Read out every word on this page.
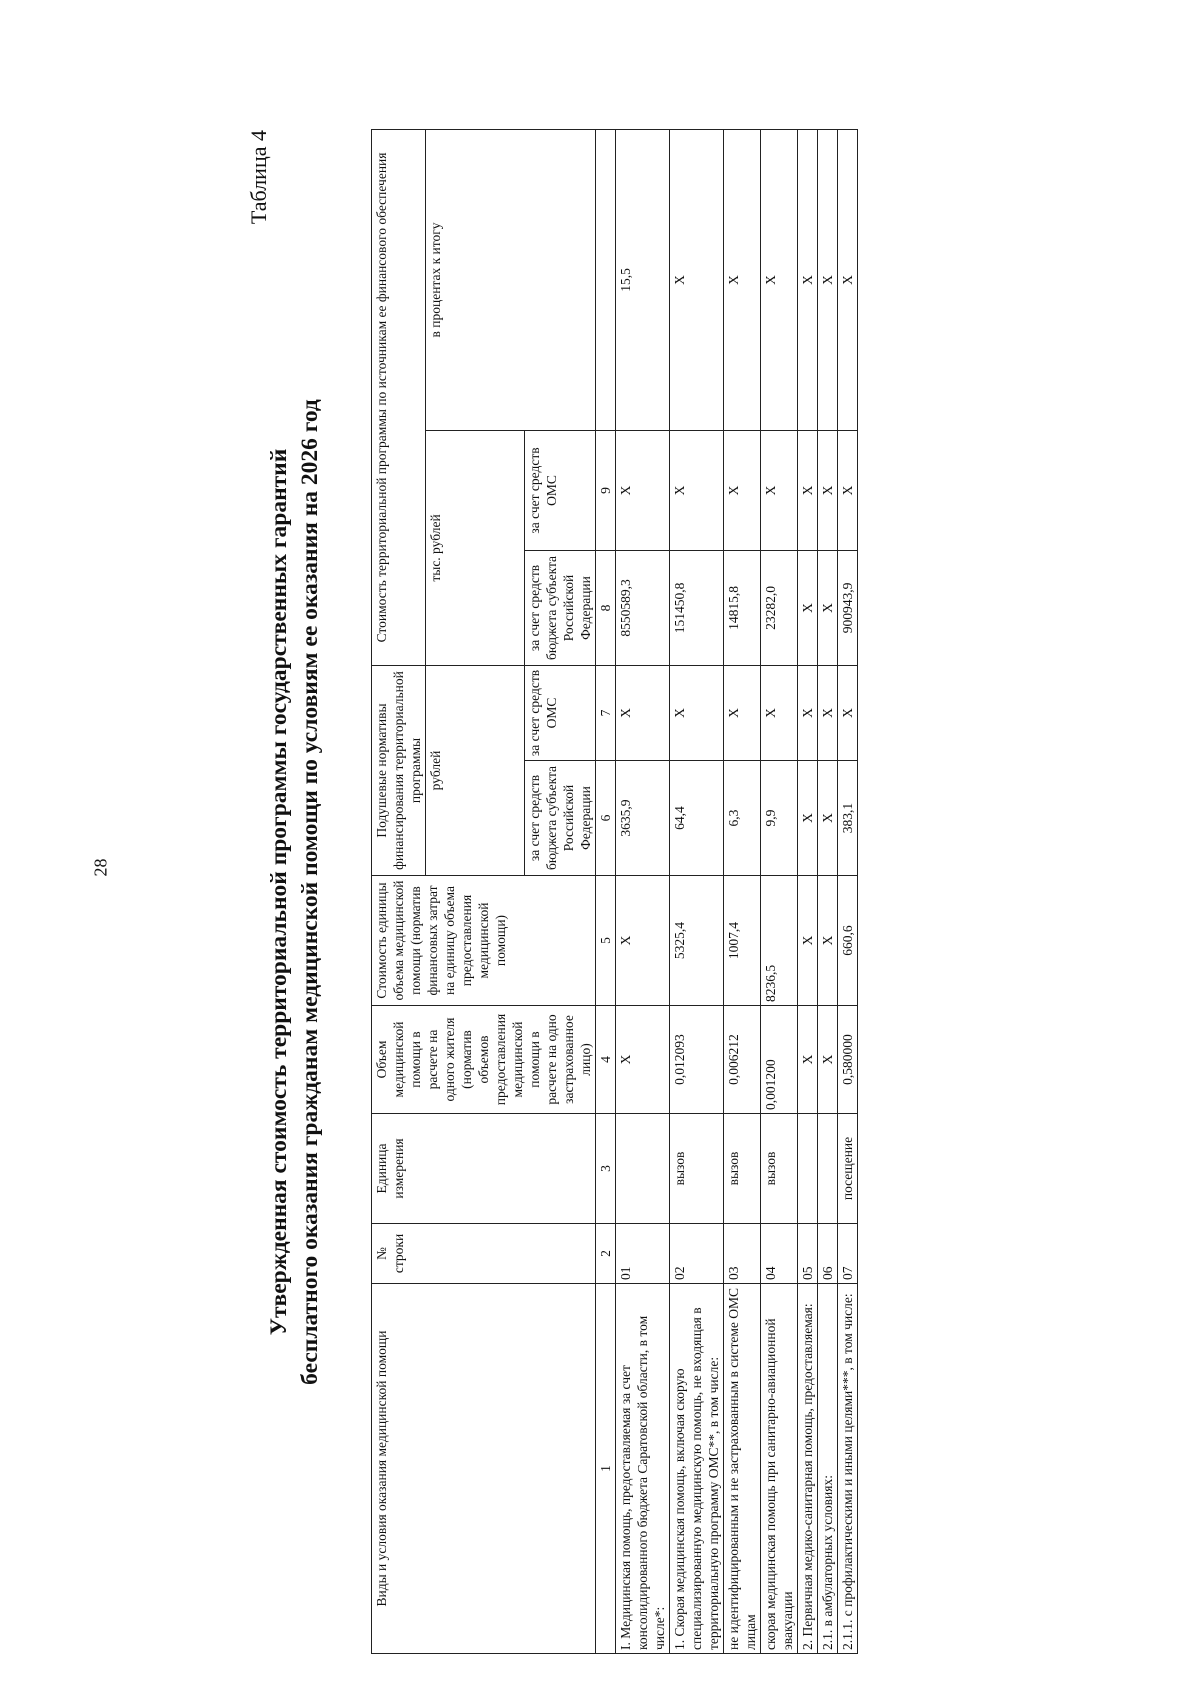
28
Таблица 4
Утвержденная стоимость территориальной программы государственных гарантий бесплатного оказания гражданам медицинской помощи по условиям ее оказания на 2026 год
Виды и условия оказания медицинской помощи	№ строки	Единица измерения	Объем медицинской помощи в расчете на одного жителя (норматив объемов предоставления медицинской помощи в расчете на одно застрахованное лицо)	Стоимость единицы объема медицинской помощи (норматив финансовых затрат на единицу объема предоставления медицинской помощи)	Подушевые нормативы финансирования территориальной программы		Стоимость территориальной программы по источникам ее финансового обеспечения		
					рублей		тыс. рублей		в процентах к итогу
					за счет средств бюджета субъекта Российской Федерации	за счет средств ОМС	за счет средств бюджета субъекта Российской Федерации	за счет средств ОМС	
1	2	3	4	5	6	7	8	9	
I. Медицинская помощь, предоставляемая за счет консолидированного бюджета Саратовской области, в том числе*:	01		X	X	3635,9	X	8550589,3	X	15,5
1. Скорая медицинская помощь, включая скорую специализированную медицинскую помощь, не входящая в территориальную программу ОМС**, в том числе:	02	вызов	0,012093	5325,4	64,4	X	151450,8	X	X
не идентифицированным и не застрахованным в системе ОМС лицам	03	вызов	0,006212	1007,4	6,3	X	14815,8	X	X
скорая медицинская помощь при санитарно-авиационной эвакуации	04	вызов	0,001200	8236,5	9,9	X	23282,0	X	X
2. Первичная медико-санитарная помощь, предоставляемая:	05		X	X	X	X	X	X	X
2.1. в амбулаторных условиях:	06		X	X	X	X	X	X	X
2.1.1. с профилактическими и иными целями***, в том числе:	07	посещение	0,580000	660,6	383,1	X	900943,9	X	X
